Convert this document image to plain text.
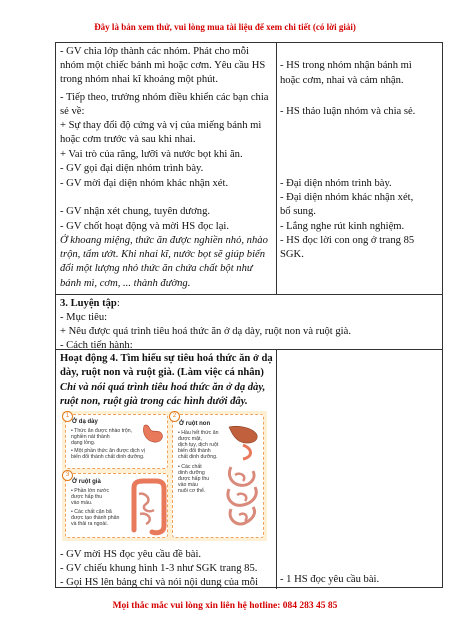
Đây là bản xem thử, vui lòng mua tài liệu để xem chi tiết (có lời giải)
- GV chia lớp thành các nhóm. Phát cho mỗi
nhóm một chiếc bánh mì hoặc cơm. Yêu cầu HS
trong nhóm nhai kĩ khoảng một phút.
- Tiếp theo, trưởng nhóm điều khiển các bạn chia
sẻ về:
+ Sự thay đổi độ cứng và vị của miếng bánh mì
hoặc cơm trước và sau khi nhai.
+ Vai trò của răng, lưỡi và nước bọt khi ăn.
- GV gọi đại diện nhóm trình bày.
- GV mời đại diện nhóm khác nhận xét.
- GV nhận xét chung, tuyên dương.
- GV chốt hoạt động và mời HS đọc lại.
Ở khoang miệng, thức ăn được nghiền nhỏ, nhào
trộn, tẩm ướt. Khi nhai kĩ, nước bọt sẽ giúp biến
đổi một lượng nhỏ thức ăn chứa chất bột như
bánh mì, cơm, ... thành đường.
- HS trong nhóm nhận bánh mì
hoặc cơm, nhai và cảm nhận.
- HS thảo luận nhóm và chia sẻ.
- Đại diện nhóm trình bày.
- Đại diện nhóm khác nhận xét,
bổ sung.
- Lắng nghe rút kinh nghiệm.
- HS đọc lời con ong ở trang 85
SGK.
3. Luyện tập:
- Mục tiêu:
+ Nêu được quá trình tiêu hoá thức ăn ở dạ dày, ruột non và ruột già.
- Cách tiến hành:
Hoạt động 4. Tìm hiểu sự tiêu hoá thức ăn ở dạ
dày, ruột non và ruột già. (Làm việc cá nhân)
Chỉ và nói quá trình tiêu hoá thức ăn ở dạ dày,
ruột non, ruột già trong các hình dưới đây.
1
Ở dạ dày
• Thức ăn được nhào trộn,
nghiền nát thành
dạng lỏng.
• Một phần thức ăn được dịch vị
biến đổi thành chất dinh dưỡng.
2
Ở ruột non
• Hầu hết thức ăn
được mật,
dịch tụy, dịch ruột
biến đổi thành
chất dinh dưỡng.
• Các chất
dinh dưỡng
được hấp thu
vào máu
nuôi cơ thể.
3
Ở ruột già
• Phần lớn nước
được hấp thu
vào máu.
• Các chất cặn bã
được tạo thành phân
và thải ra ngoài.
- GV mời HS đọc yêu cầu đề bài.
- GV chiếu khung hình 1-3 như SGK trang 85.
- Gọi HS lên bảng chỉ và nói nội dung của mỗi - 1 HS đọc yêu cầu bài.
Mọi thắc mắc vui lòng xin liên hệ hotline: 084 283 45 85
